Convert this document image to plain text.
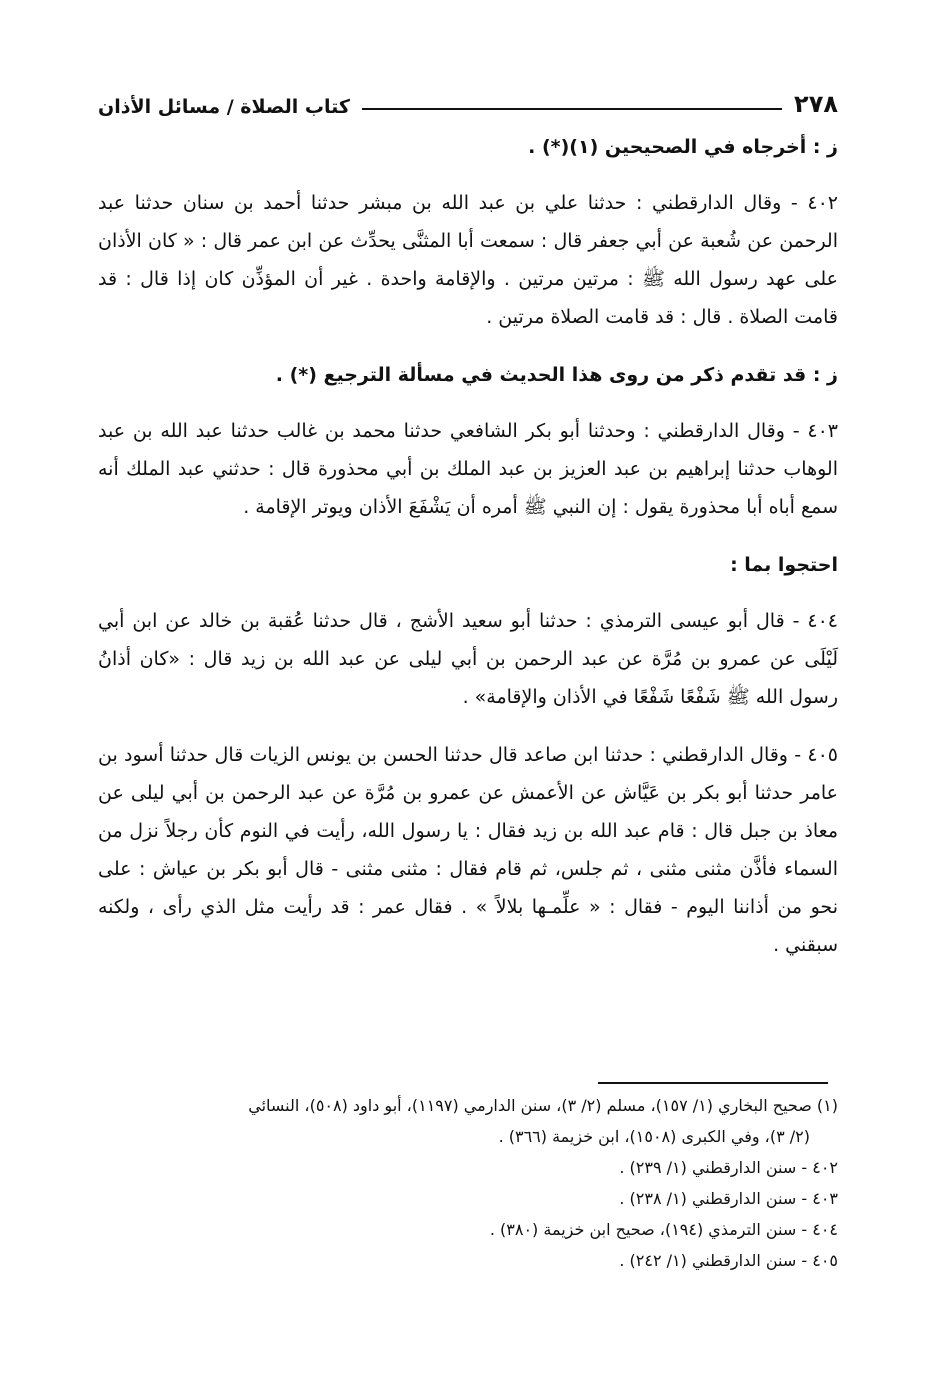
٢٧٨
كتاب الصلاة / مسائل الأذان

ز : أخرجاه في الصحيحين (١)(*) .

٤٠٢ - وقال الدارقطني : حدثنا علي بن عبد الله بن مبشر حدثنا أحمد بن سنان حدثنا عبد الرحمن عن شُعبة عن أبي جعفر قال : سمعت أبا المثنَّى يحدِّث عن ابن عمر قال : « كان الأذان على عهد رسول الله ﷺ : مرتين مرتين . والإقامة واحدة . غير أن المؤذِّن كان إذا قال : قد قامت الصلاة . قال : قد قامت الصلاة مرتين .

ز : قد تقدم ذكر من روى هذا الحديث في مسألة الترجيع (*) .

٤٠٣ - وقال الدارقطني : وحدثنا أبو بكر الشافعي حدثنا محمد بن غالب حدثنا عبد الله بن عبد الوهاب حدثنا إبراهيم بن عبد العزيز بن عبد الملك بن أبي محذورة قال : حدثني عبد الملك أنه سمع أباه أبا محذورة يقول : إن النبي ﷺ أمره أن يَشْفَعَ الأذان ويوتر الإقامة .

احتجوا بما :

٤٠٤ - قال أبو عيسى الترمذي : حدثنا أبو سعيد الأشج ، قال حدثنا عُقبة بن خالد عن ابن أبي لَيْلَى عن عمرو بن مُرَّة عن عبد الرحمن بن أبي ليلى عن عبد الله بن زيد قال : «كان أذانُ رسول الله ﷺ شَفْعًا شَفْعًا في الأذان والإقامة» .

٤٠٥ - وقال الدارقطني : حدثنا ابن صاعد قال حدثنا الحسن بن يونس الزيات قال حدثنا أسود بن عامر حدثنا أبو بكر بن عَيَّاش عن الأعمش عن عمرو بن مُرَّة عن عبد الرحمن بن أبي ليلى عن معاذ بن جبل قال : قام عبد الله بن زيد فقال : يا رسول الله، رأيت في النوم كأن رجلاً نزل من السماء فأذَّن مثنى مثنى ، ثم جلس، ثم قام فقال : مثنى مثنى - قال أبو بكر بن عياش : على نحو من أذاننا اليوم - فقال : « علِّمـها بلالاً » . فقال عمر : قد رأيت مثل الذي رأى ، ولكنه سبقني .

(١) صحيح البخاري (١/ ١٥٧)، مسلم (٢/ ٣)، سنن الدارمي (١١٩٧)، أبو داود (٥٠٨)، النسائي

(٢/ ٣)، وفي الكبرى (١٥٠٨)، ابن خزيمة (٣٦٦) .

٤٠٢ - سنن الدارقطني (١/ ٢٣٩) .

٤٠٣ - سنن الدارقطني (١/ ٢٣٨) .

٤٠٤ - سنن الترمذي (١٩٤)، صحيح ابن خزيمة (٣٨٠) .

٤٠٥ - سنن الدارقطني (١/ ٢٤٢) .
